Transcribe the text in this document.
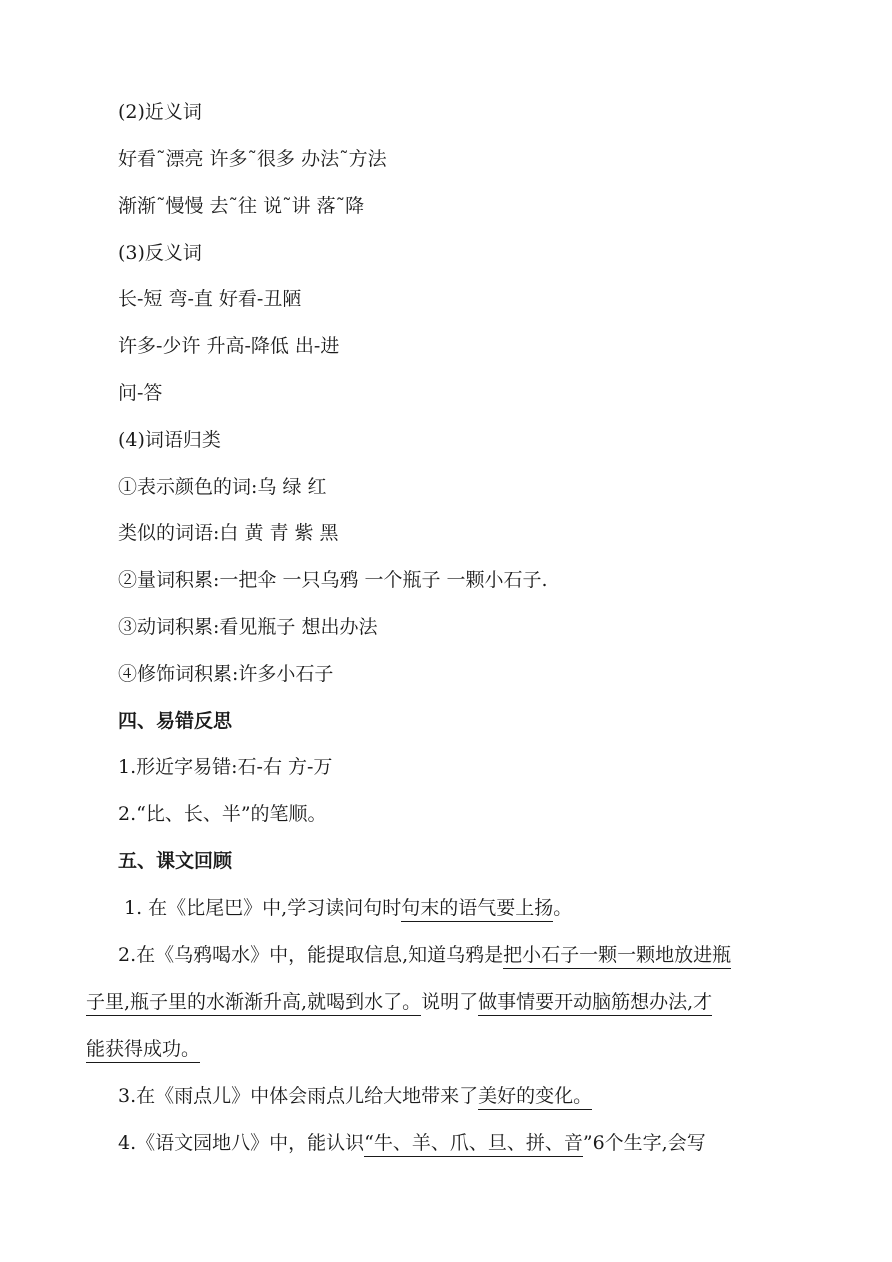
(2)近义词
好看˜漂亮 许多˜很多 办法˜方法
渐渐˜慢慢 去˜往 说˜讲 落˜降
(3)反义词
长-短 弯-直 好看-丑陋
许多-少许 升高-降低 出-进
问-答
(4)词语归类
①表示颜色的词:乌 绿 红
类似的词语:白 黄 青 紫 黑
②量词积累:一把伞 一只乌鸦 一个瓶子 一颗小石子.
③动词积累:看见瓶子 想出办法
④修饰词积累:许多小石子
四、易错反思
1.形近字易错:石-右 方-万
2.“比、长、半”的笔顺。
五、课文回顾
1. 在《比尾巴》中,学习读问句时句末的语气要上扬。
2.在《乌鸦喝水》中，能提取信息,知道乌鸦是把小石子一颗一颗地放进瓶
子里,瓶子里的水渐渐升高,就喝到水了。说明了做事情要开动脑筋想办法,才
能获得成功。
3.在《雨点儿》中体会雨点儿给大地带来了美好的变化。
4.《语文园地八》中，能认识“牛、羊、爪、旦、拼、音”6个生字,会写
